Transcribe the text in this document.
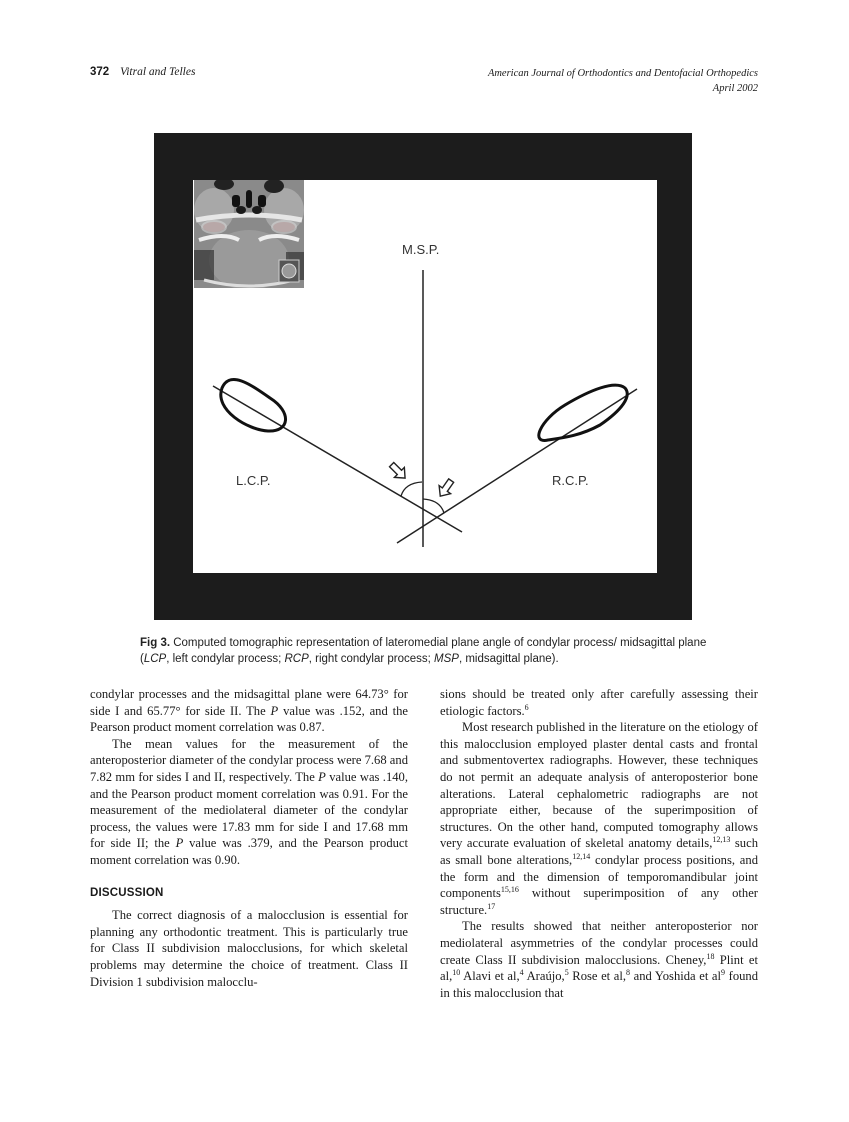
372 Vitral and Telles	American Journal of Orthodontics and Dentofacial Orthopedics
April 2002
M.S.P.
L.C.P.	R.C.P.
Fig 3. Computed tomographic representation of lateromedial plane angle of condylar process/ midsagittal plane (LCP, left condylar process; RCP, right condylar process; MSP, midsagittal plane).

condylar processes and the midsagittal plane were 64.73° for side I and 65.77° for side II. The P value was .152, and the Pearson product moment correlation was 0.87.

The mean values for the measurement of the anteroposterior diameter of the condylar process were 7.68 and 7.82 mm for sides I and II, respectively. The P value was .140, and the Pearson product moment correlation was 0.91. For the measurement of the mediolateral diameter of the condylar process, the values were 17.83 mm for side I and 17.68 mm for side II; the P value was .379, and the Pearson product moment correlation was 0.90.

DISCUSSION

The correct diagnosis of a malocclusion is essential for planning any orthodontic treatment. This is particularly true for Class II subdivision malocclusions, for which skeletal problems may determine the choice of treatment. Class II Division 1 subdivision malocclu-

sions should be treated only after carefully assessing their etiologic factors.$^6$

Most research published in the literature on the etiology of this malocclusion employed plaster dental casts and frontal and submentovertex radiographs. However, these techniques do not permit an adequate analysis of anteroposterior bone alterations. Lateral cephalometric radiographs are not appropriate either, because of the superimposition of structures. On the other hand, computed tomography allows very accurate evaluation of skeletal anatomy details,$^{12,13}$ such as small bone alterations,$^{12,14}$ condylar process positions, and the form and the dimension of temporomandibular joint components$^{15,16}$ without superimposition of any other structure.$^{17}$

The results showed that neither anteroposterior nor mediolateral asymmetries of the condylar processes could create Class II subdivision malocclusions. Cheney,$^{18}$ Plint et al,$^{10}$ Alavi et al,$^4$ Araújo,$^5$ Rose et al,$^8$ and Yoshida et $al^9$ found in this malocclusion that
